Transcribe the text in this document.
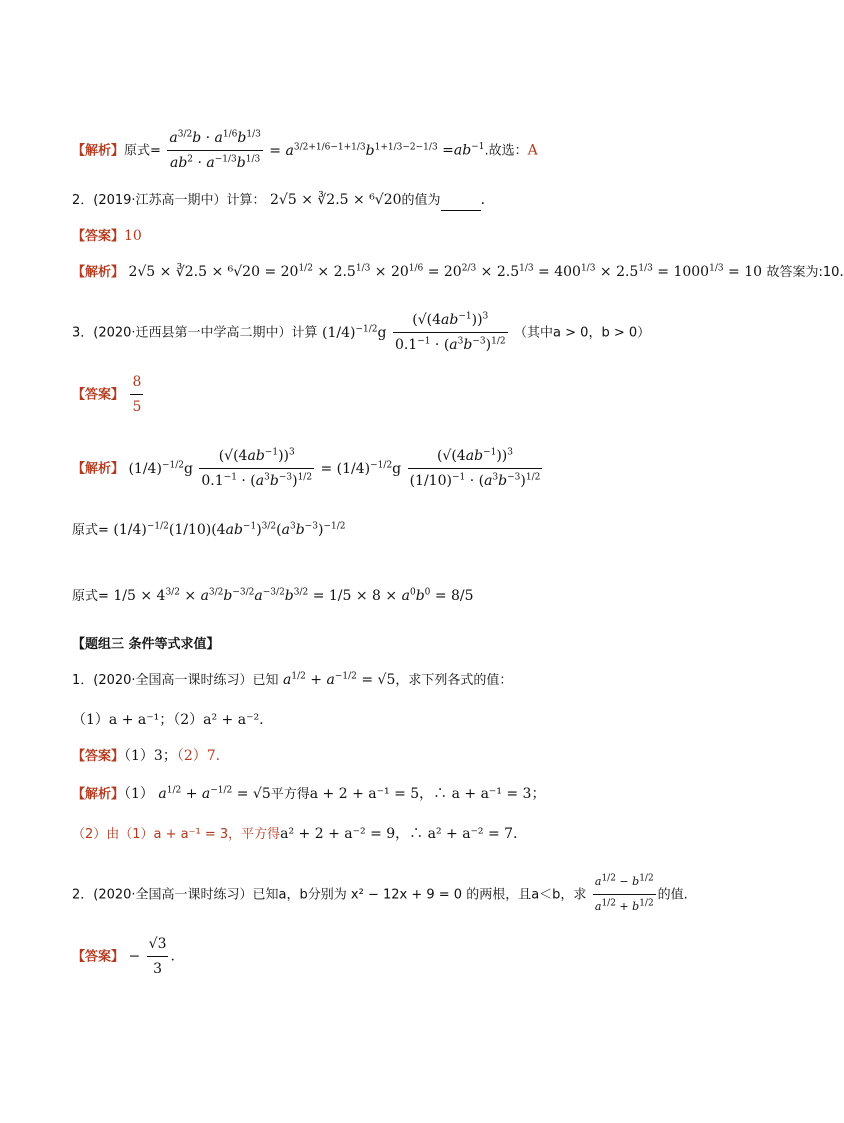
【解析】原式= $\frac{a^{3/2}b \cdot a^{1/6}b^{1/3}}{ab^2 \cdot a^{-1/3}b^{1/3}} = a^{3/2+1/6-1+1/3}b^{1+1/3-2-1/3} =ab^{-1}$.故选：A
2．(2019·江苏高一期中）计算： 2√5 × ∛2.5 × ⁶√20的值为	．
【答案】10
【解析】 2√5 × ∛2.5 × $^6√20 = 20^{1/2} \times 2.5^{1/3} \times 20^{1/6} = 20^{2/3} \times 2.5^{1/3} = 400^{1/3} \times 2.5^{1/3} = 1000^{1/3} = 10$ 故答案为:10.
3．(2020·迁西县第一中学高二期中）计算 $(1/4)^{-1/2}g \frac{(√(4ab^{-1}))^3}{0.1^{-1} \cdot (a^3b^{-3})^{1/2}}$ （其中a > 0，b > 0）
【答案】 $\frac{8}{5}$
【解析】 $(1/4)^{-1/2}g \frac{(√(4ab^{-1}))^3}{0.1^{-1} \cdot (a^3b^{-3})^{1/2}} = (1/4)^{-1/2}g \frac{(√(4ab^{-1}))^3}{(1/10)^{-1} \cdot (a^3b^{-3})^{1/2}}$
原式= $(1/4)^{-1/2}(1/10)(4ab^{-1})^{3/2}(a^3b^{-3})^{-1/2}$
原式= $1/5 \times 4^{3/2} \times a^{3/2}b^{-3/2}a^{-3/2}b^{3/2} = 1/5 \times 8 \times a^0b^0 = 8/5$
【题组三 条件等式求值】
1．(2020·全国高一课时练习）已知 $a^{1/2} + a^{-1/2} = √5$，求下列各式的值：
（1）a + a⁻¹；（2）a² + a⁻².
【答案】（1）3；（2）7．
【解析】（1） $a^{1/2} + a^{-1/2} = √5$平方得a + 2 + a⁻¹ = 5，∴ a + a⁻¹ = 3；
（2）由（1）a + a⁻¹ = 3，平方得a² + 2 + a⁻² = 9，∴ a² + a⁻² = 7．
2．(2020·全国高一课时练习）已知a，b分别为 x² − 12x + 9 = 0 的两根，且a＜b，求 $\frac{a^{1/2} - b^{1/2}}{a^{1/2} + b^{1/2}}$ 的值.
【答案】 − $\frac{√3}{3}$ .
